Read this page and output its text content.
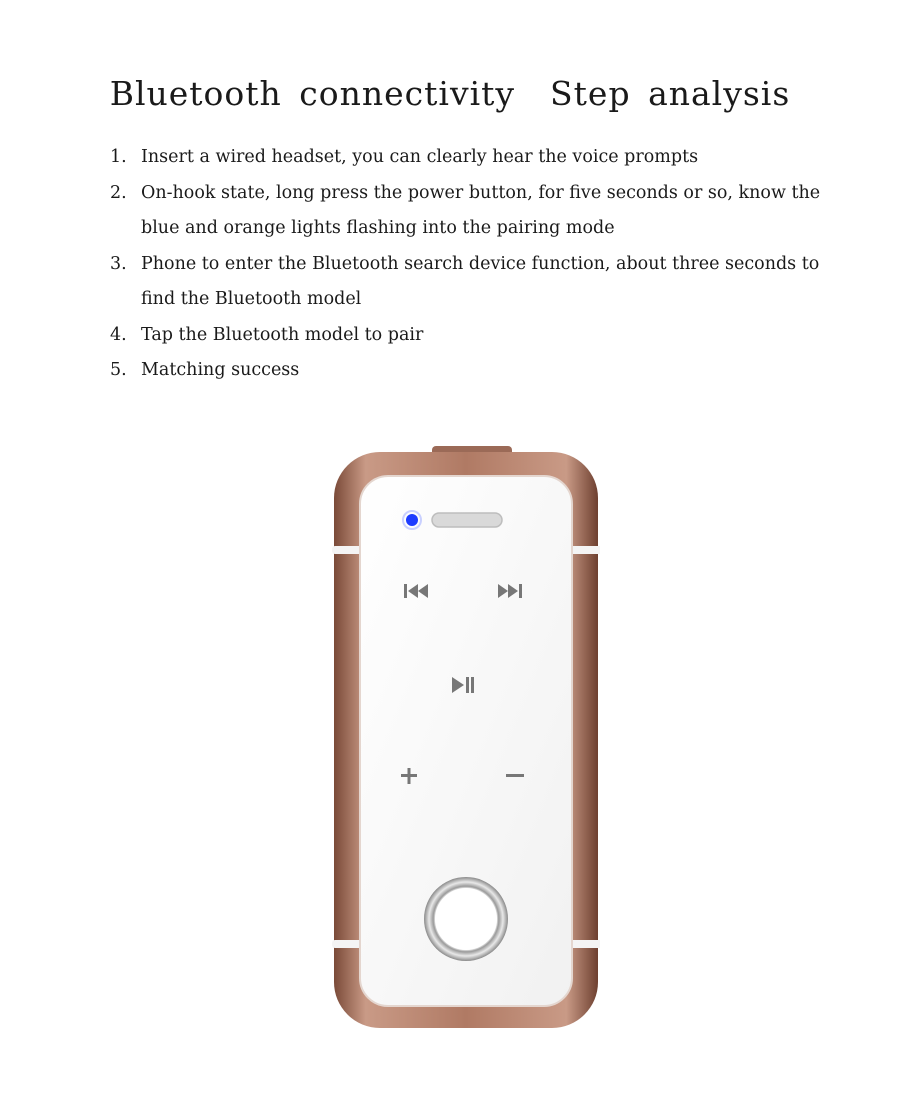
Bluetooth connectivity  Step analysis
1. Insert a wired headset, you can clearly hear the voice prompts
2. On-hook state, long press the power button, for five seconds or so, know the blue and orange lights flashing into the pairing mode
3. Phone to enter the Bluetooth search device function, about three seconds to find the Bluetooth model
4. Tap the Bluetooth model to pair
5. Matching success
